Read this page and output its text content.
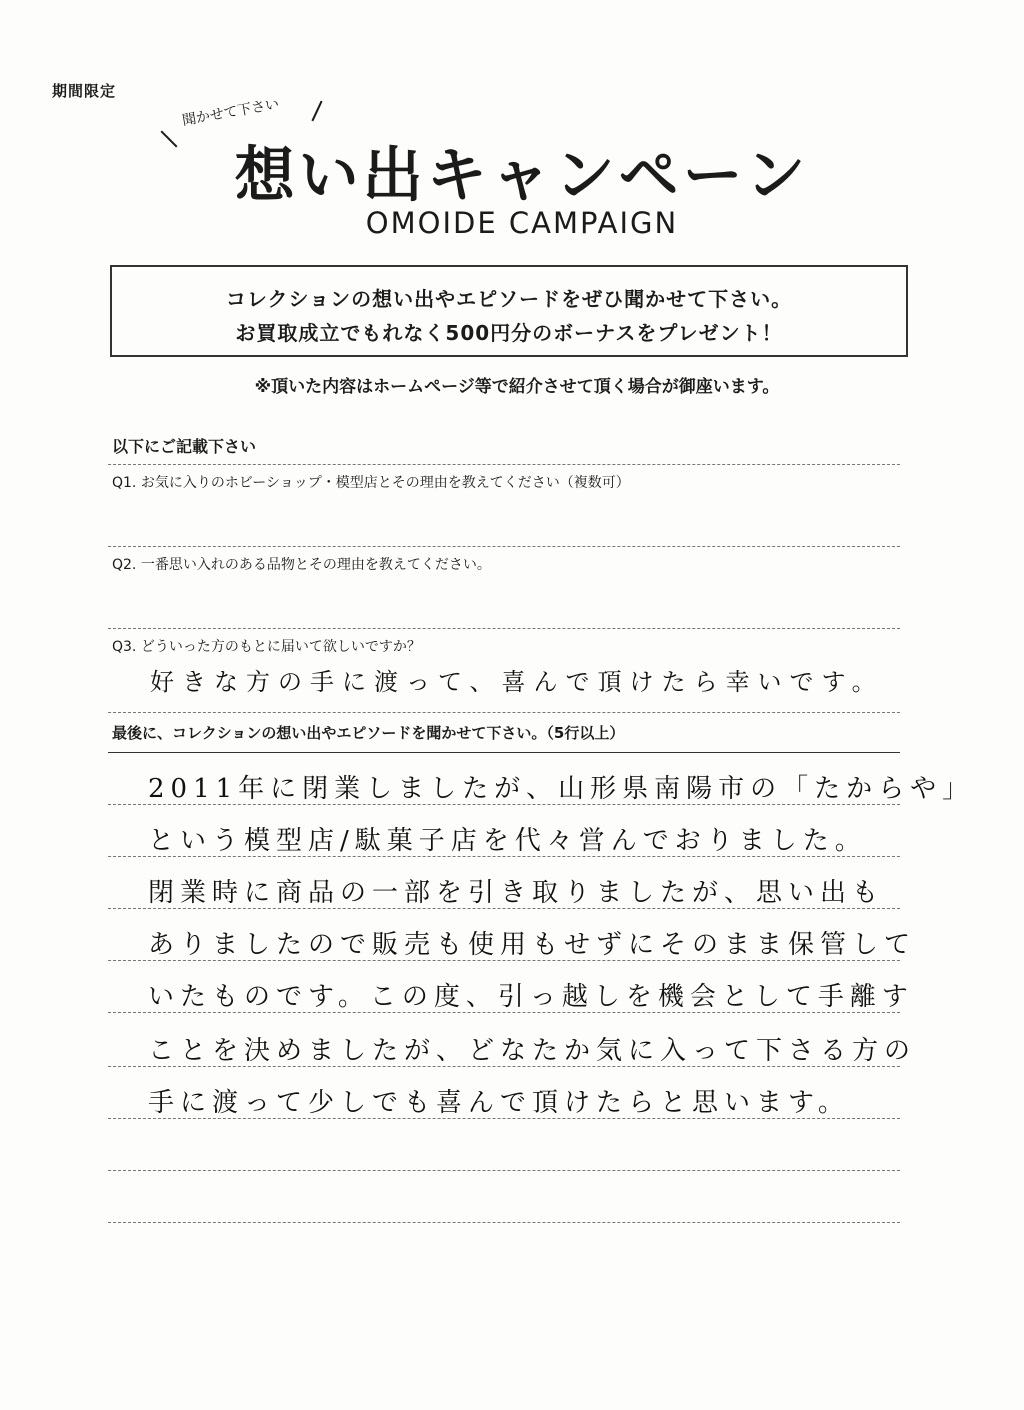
期間限定
聞かせて下さい
想い出キャンペーン
OMOIDE CAMPAIGN
コレクションの想い出やエピソードをぜひ聞かせて下さい。
お買取成立でもれなく500円分のボーナスをプレゼント！
※頂いた内容はホームページ等で紹介させて頂く場合が御座います。
以下にご記載下さい
Q1. お気に入りのホビーショップ・模型店とその理由を教えてください（複数可）
Q2. 一番思い入れのある品物とその理由を教えてください。
Q3. どういった方のもとに届いて欲しいですか？
好きな方の手に渡って、喜んで頂けたら幸いです。
最後に、コレクションの想い出やエピソードを聞かせて下さい。（5行以上）
2011年に閉業しましたが、山形県南陽市の「たからや」
という模型店/駄菓子店を代々営んでおりました。
閉業時に商品の一部を引き取りましたが、思い出も
ありましたので販売も使用もせずにそのまま保管して
いたものです。この度、引っ越しを機会として手離す
ことを決めましたが、どなたか気に入って下さる方の
手に渡って少しでも喜んで頂けたらと思います。
